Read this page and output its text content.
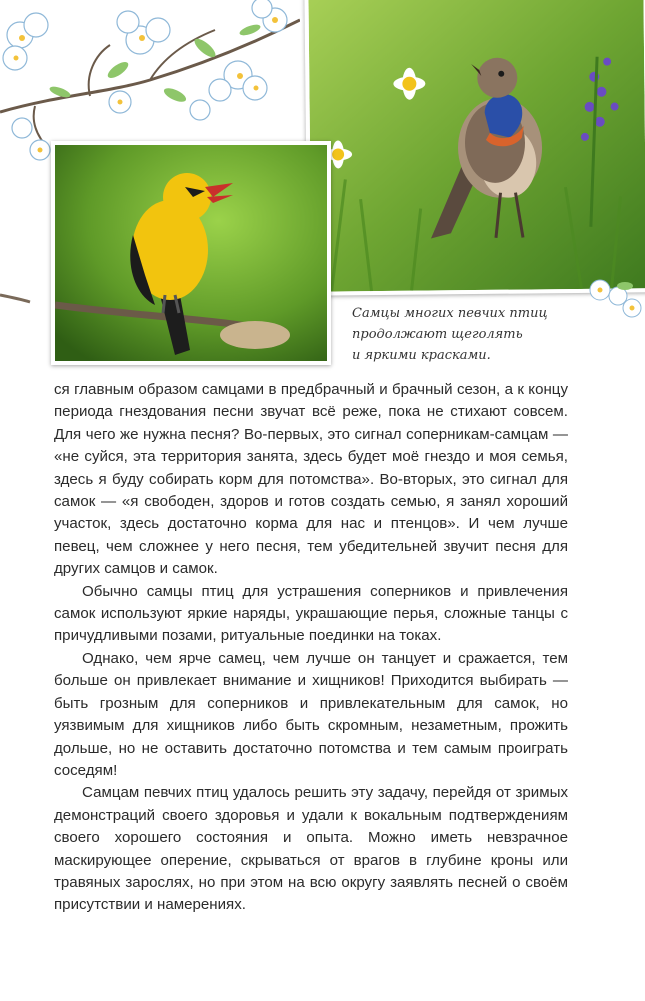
Самцы многих певчих птиц
продолжают щеголять
и яркими красками.

ся главным образом самцами в предбрачный и брачный сезон, а к концу периода гнездования песни звучат всё реже, пока не стихают совсем. Для чего же нужна песня? Во-первых, это сигнал соперникам-самцам — «не суйся, эта территория занята, здесь будет моё гнездо и моя семья, здесь я буду собирать корм для потомства». Во-вторых, это сигнал для самок — «я свободен, здоров и готов создать семью, я занял хороший участок, здесь достаточно корма для нас и птенцов». И чем лучше певец, чем сложнее у него песня, тем убедительней звучит песня для других самцов и самок.

Обычно самцы птиц для устрашения соперников и привлечения самок используют яркие наряды, украшающие перья, сложные танцы с причудливыми позами, ритуальные поединки на токах.

Однако, чем ярче самец, чем лучше он танцует и сражается, тем больше он привлекает внимание и хищников! Приходится выбирать — быть грозным для соперников и привлекательным для самок, но уязвимым для хищников либо быть скромным, незаметным, прожить дольше, но не оставить достаточно потомства и тем самым проиграть соседям!

Самцам певчих птиц удалось решить эту задачу, перейдя от зримых демонстраций своего здоровья и удали к вокальным подтверждениям своего хорошего состояния и опыта. Можно иметь невзрачное маскирующее оперение, скрываться от врагов в глубине кроны или травяных зарослях, но при этом на всю округу заявлять песней о своём присутствии и намерениях.
